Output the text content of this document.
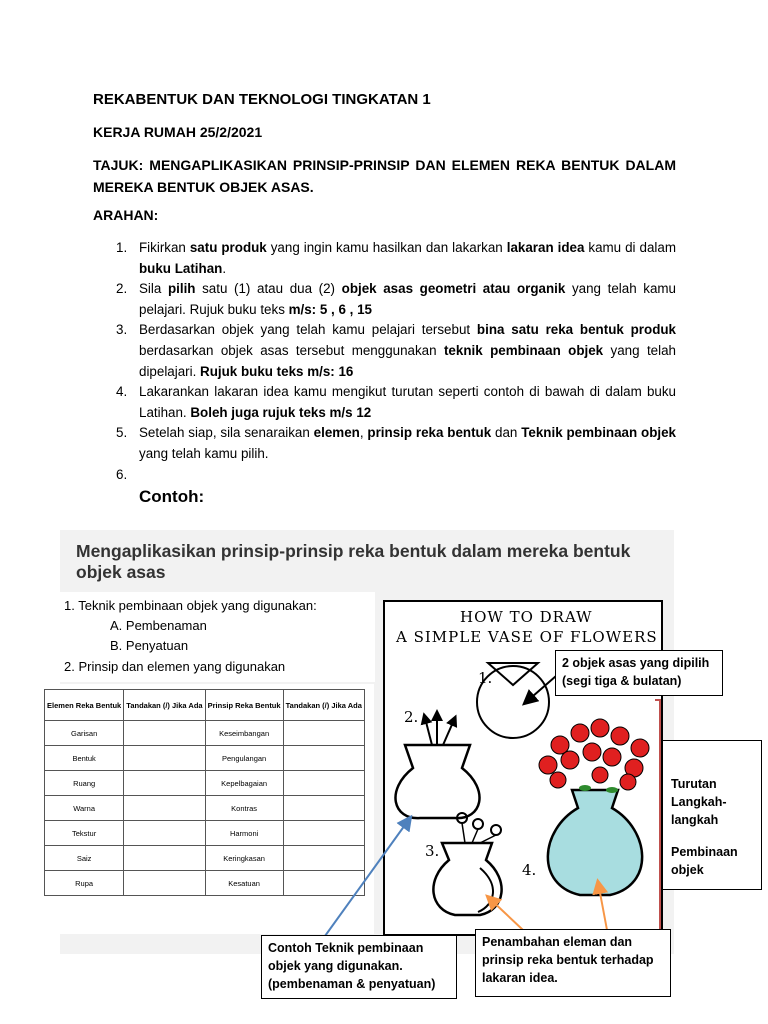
REKABENTUK DAN TEKNOLOGI TINGKATAN 1
KERJA RUMAH 25/2/2021
TAJUK: MENGAPLIKASIKAN PRINSIP-PRINSIP DAN ELEMEN REKA BENTUK DALAM MEREKA BENTUK OBJEK ASAS.
ARAHAN:
1. Fikirkan satu produk yang ingin kamu hasilkan dan lakarkan lakaran idea kamu di dalam buku Latihan.
2. Sila pilih satu (1) atau dua (2) objek asas geometri atau organik yang telah kamu pelajari. Rujuk buku teks m/s: 5 , 6 , 15
3. Berdasarkan objek yang telah kamu pelajari tersebut bina satu reka bentuk produk berdasarkan objek asas tersebut menggunakan teknik pembinaan objek yang telah dipelajari. Rujuk buku teks m/s: 16
4. Lakarankan lakaran idea kamu mengikut turutan seperti contoh di bawah di dalam buku Latihan. Boleh juga rujuk teks m/s 12
5. Setelah siap, sila senaraikan elemen, prinsip reka bentuk dan Teknik pembinaan objek yang telah kamu pilih.
6.

Contoh:
Mengaplikasikan prinsip-prinsip reka bentuk dalam mereka bentuk objek asas
1. Teknik pembinaan objek yang digunakan:
A. Pembenaman
B. Penyatuan
2. Prinsip dan elemen yang digunakan
Elemen Reka Bentuk	Tandakan (/) Jika Ada	Prinsip Reka Bentuk	Tandakan (/) Jika Ada
Garisan		Keseimbangan	
Bentuk		Pengulangan	
Ruang		Kepelbagaian	
Warna		Kontras	
Tekstur		Harmoni	
Saiz		Keringkasan	
Rupa		Kesatuan	
HOW TO DRAW
A SIMPLE VASE OF FLOWERS
1.
2.
3.
4.
2 objek asas yang dipilih (segi tiga & bulatan)
Turutan Langkah-langkah
Pembinaan objek
Contoh Teknik pembinaan objek yang digunakan. (pembenaman & penyatuan)
Penambahan eleman dan prinsip reka bentuk terhadap lakaran idea.
